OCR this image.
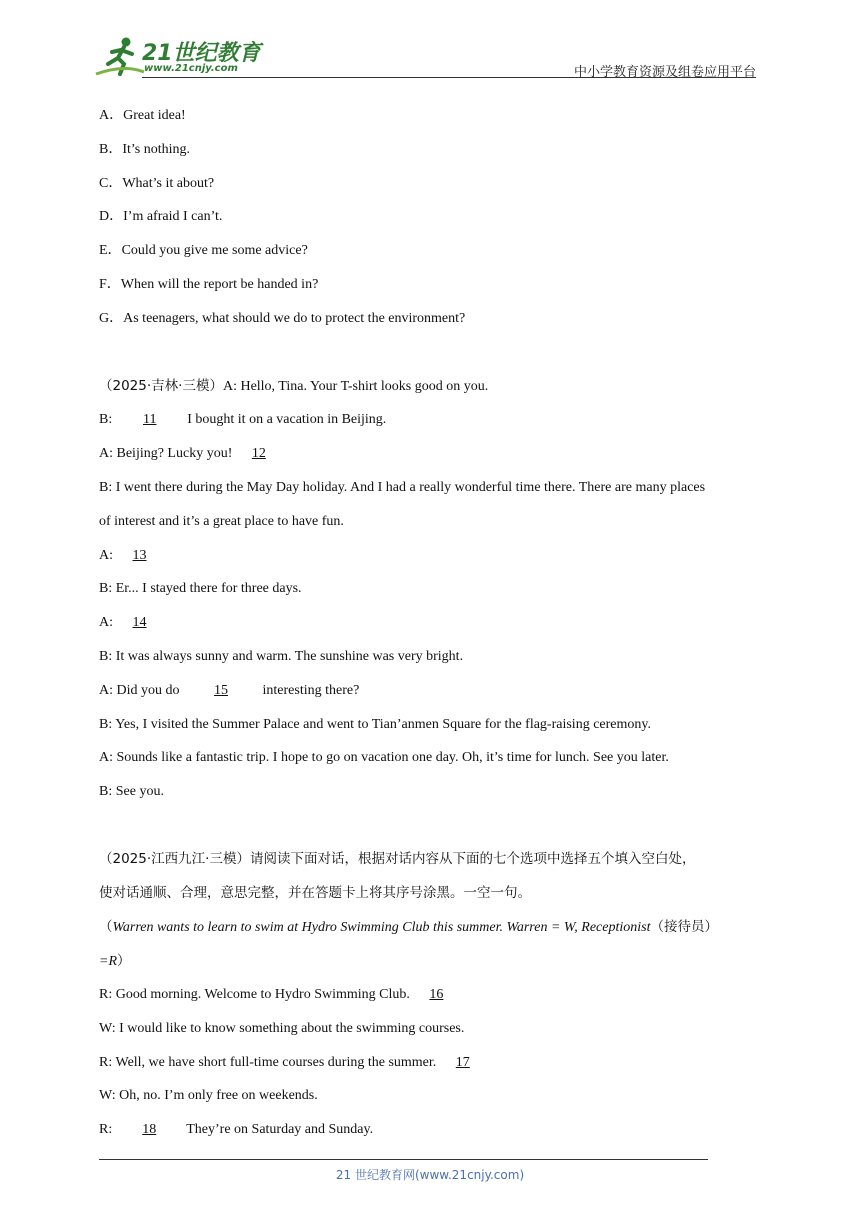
21世纪教育
www.21cnjy.com	中小学教育资源及组卷应用平台
A．Great idea!
B．It’s nothing.
C．What’s it about?
D．I’m afraid I can’t.
E．Could you give me some advice?
F．When will the report be handed in?
G．As teenagers, what should we do to protect the environment?
（2025·吉林·三模）A: Hello, Tina. Your T-shirt looks good on you.
B: 11 I bought it on a vacation in Beijing.
A: Beijing? Lucky you! 12
B: I went there during the May Day holiday. And I had a really wonderful time there. There are many places
of interest and it’s a great place to have fun.
A: 13
B: Er... I stayed there for three days.
A: 14
B: It was always sunny and warm. The sunshine was very bright.
A: Did you do 15 interesting there?
B: Yes, I visited the Summer Palace and went to Tian’anmen Square for the flag-raising ceremony.
A: Sounds like a fantastic trip. I hope to go on vacation one day. Oh, it’s time for lunch. See you later.
B: See you.
（2025·江西九江·三模）请阅读下面对话，根据对话内容从下面的七个选项中选择五个填入空白处，
使对话通顺、合理，意思完整，并在答题卡上将其序号涂黑。一空一句。
（Warren wants to learn to swim at Hydro Swimming Club this summer. Warren = W, Receptionist（接待员）
=R）
R: Good morning. Welcome to Hydro Swimming Club. 16
W: I would like to know something about the swimming courses.
R: Well, we have short full-time courses during the summer. 17
W: Oh, no. I’m only free on weekends.
R: 18 They’re on Saturday and Sunday.
21 世纪教育网(www.21cnjy.com)
